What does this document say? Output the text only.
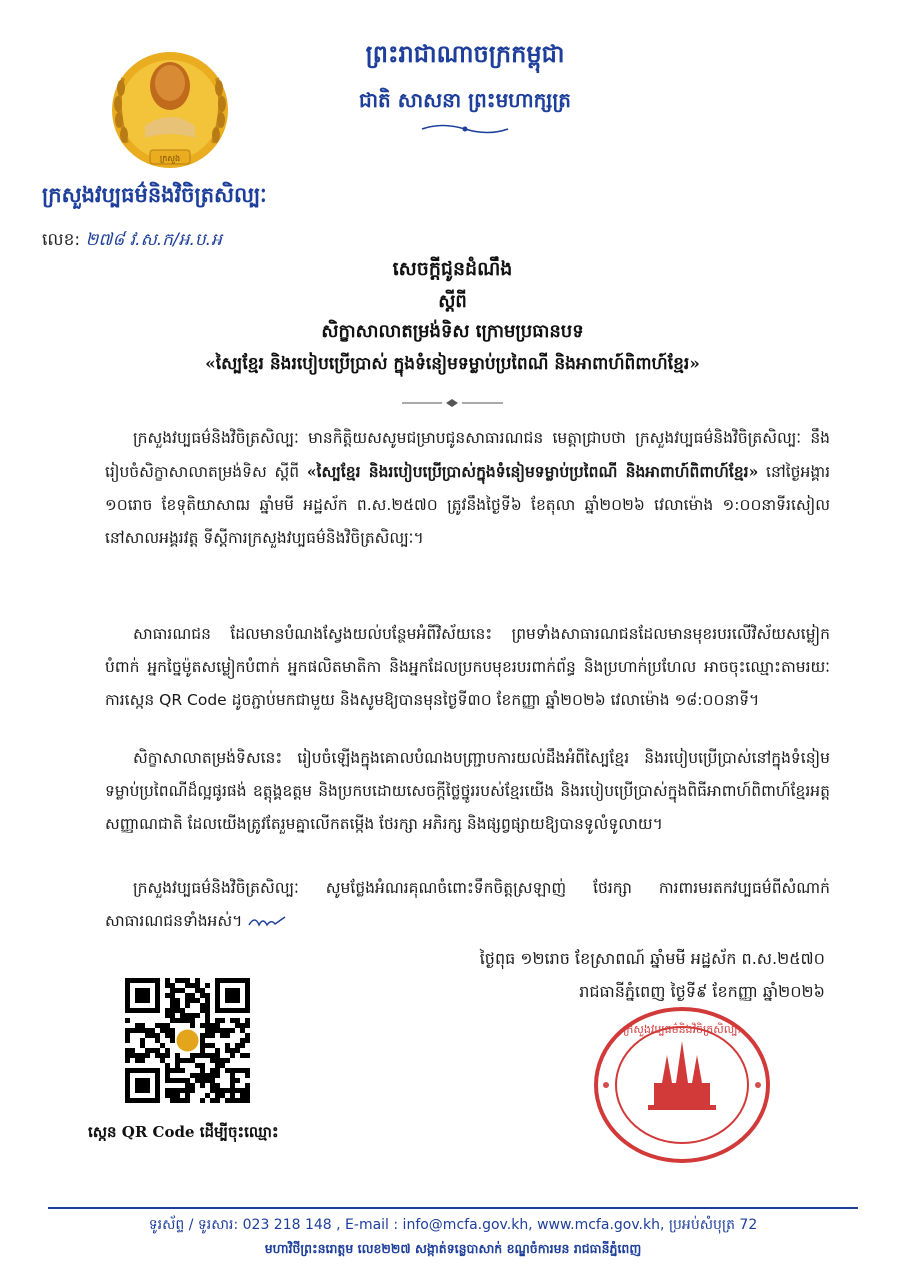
ក្រសួង
ព្រះរាជាណាចក្រកម្ពុជា
ជាតិ សាសនា ព្រះមហាក្សត្រ
ក្រសួងវប្បធម៌និងវិចិត្រសិល្បៈ
លេខ: ២៧៨ វ.ស.ក/អ.ប.អ
សេចក្ដីជូនដំណឹង
ស្ដីពី
សិក្ខាសាលាតម្រង់ទិស ក្រោមប្រធានបទ
«ស្បៃខ្មែរ និងរបៀបប្រើប្រាស់ ក្នុងទំនៀមទម្លាប់ប្រពៃណី និងអាពាហ៍ពិពាហ៍ខ្មែរ»
ក្រសួងវប្បធម៌និងវិចិត្រសិល្បៈ មានកិត្តិយសសូមជម្រាបជូនសាធារណជន មេត្តាជ្រាបថា ក្រសួងវប្បធម៌និងវិចិត្រសិល្បៈ នឹងរៀបចំសិក្ខាសាលាតម្រង់ទិស ស្ដីពី «ស្បៃខ្មែរ និងរបៀបប្រើប្រាស់ក្នុងទំនៀមទម្លាប់ប្រពៃណី និងអាពាហ៍ពិពាហ៍ខ្មែរ» នៅថ្ងៃអង្គារ ១០រោច ខែទុតិយាសាឍ ឆ្នាំមមី អដ្ឋស័ក ព.ស.២៥៧០ ត្រូវនឹងថ្ងៃទី៦ ខែតុលា ឆ្នាំ២០២៦ វេលាម៉ោង ១:០០នាទីរសៀល នៅសាលអង្គរវត្ត ទីស្ដីការក្រសួងវប្បធម៌និងវិចិត្រសិល្បៈ។
សាធារណជន ដែលមានបំណងស្វែងយល់បន្ថែមអំពីវិស័យនេះ ព្រមទាំងសាធារណជនដែលមានមុខរបរលើវិស័យសម្លៀកបំពាក់ អ្នកច្នៃម៉ូតសម្លៀកបំពាក់ អ្នកផលិតមាតិកា និងអ្នកដែលប្រកបមុខរបរពាក់ព័ន្ធ និងប្រហាក់ប្រហែល អាចចុះឈ្មោះតាមរយៈការស្កេន QR Code ដូចភ្ជាប់មកជាមួយ និងសូមឱ្យបានមុនថ្ងៃទី៣០ ខែកញ្ញា ឆ្នាំ២០២៦ វេលាម៉ោង ១៨:០០នាទី។
សិក្ខាសាលាតម្រង់ទិសនេះ រៀបចំឡើងក្នុងគោលបំណងបញ្ជ្រាបការយល់ដឹងអំពីស្បៃខ្មែរ និងរបៀបប្រើប្រាស់នៅក្នុងទំនៀមទម្លាប់ប្រពៃណីដ៏ល្អផូរផង់ ឧត្តុង្គឧត្តម និងប្រកបដោយសេចក្ដីថ្លៃថ្នូររបស់ខ្មែរយើង និងរបៀបប្រើប្រាស់ក្នុងពិធីអាពាហ៍ពិពាហ៍ខ្មែរអត្តសញ្ញាណជាតិ ដែលយើងត្រូវតែរួមគ្នាលើកតម្កើង ថែរក្សា អភិរក្ស និងផ្សព្វផ្សាយឱ្យបានទូលំទូលាយ។
ក្រសួងវប្បធម៌និងវិចិត្រសិល្បៈ សូមថ្លែងអំណរគុណចំពោះទឹកចិត្តស្រឡាញ់ ថែរក្សា ការពារមរតកវប្បធម៌ពីសំណាក់សាធារណជនទាំងអស់។
ថ្ងៃពុធ ១២រោច ខែស្រាពណ៍ ឆ្នាំមមី អដ្ឋស័ក ព.ស.២៥៧០
រាជធានីភ្នំពេញ ថ្ងៃទី៩ ខែកញ្ញា ឆ្នាំ២០២៦
ស្កេន QR Code ដើម្បីចុះឈ្មោះ
ក្រសួងវប្បធម៌និងវិចិត្រសិល្បៈ
ទូរស័ព្ទ / ទូរសារ: 023 218 148 , E-mail : info@mcfa.gov.kh, www.mcfa.gov.kh, ប្រអប់សំបុត្រ 72
មហាវិថីព្រះនរោត្តម លេខ២២៧ សង្កាត់ទន្លេបាសាក់ ខណ្ឌចំការមន រាជធានីភ្នំពេញ
